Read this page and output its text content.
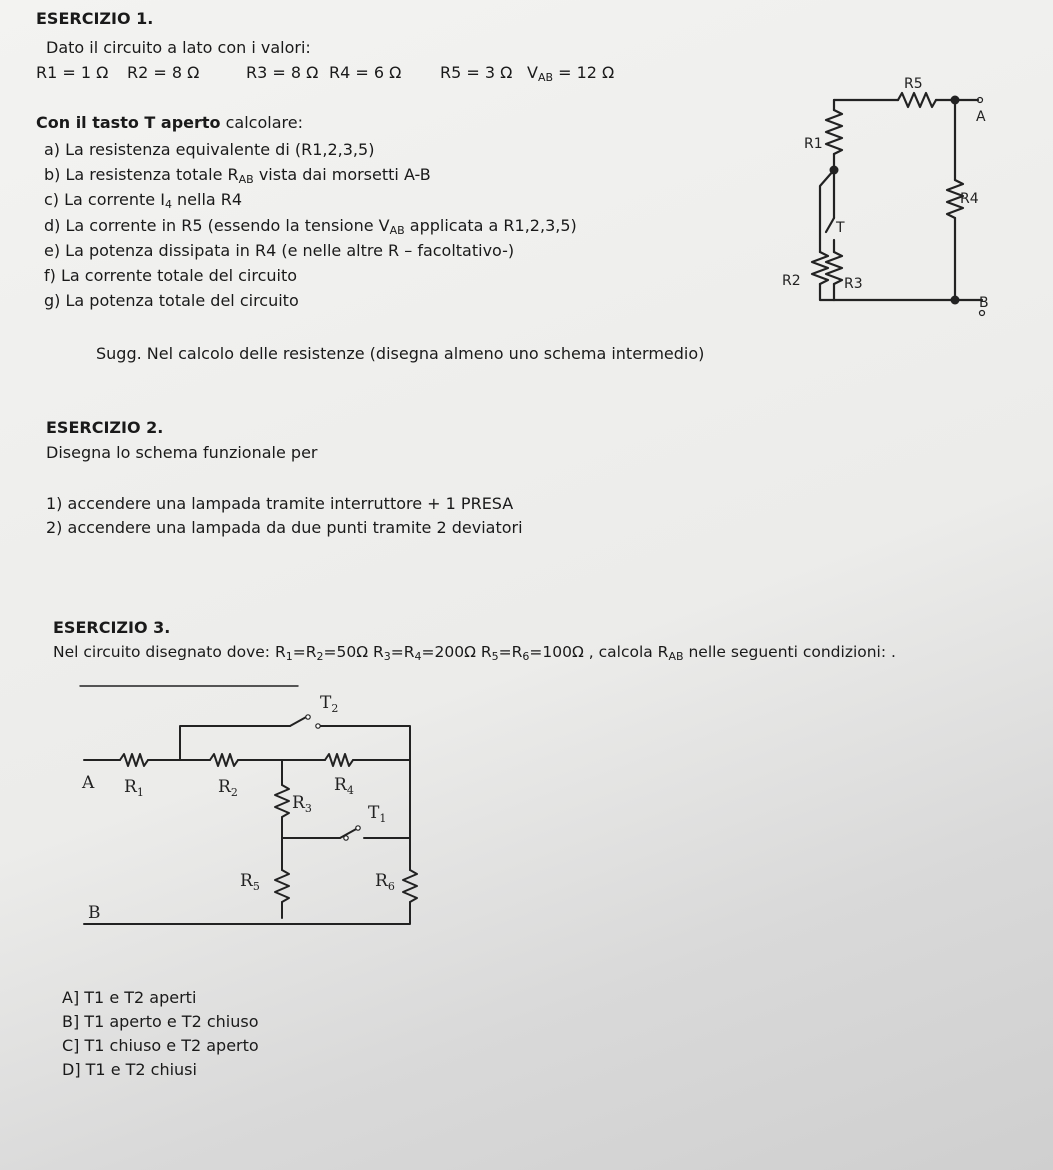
ESERCIZIO 1.
Dato il circuito a lato con i valori:
R1 = 1 Ω R2 = 8 Ω	R3 = 8 Ω R4 = 6 Ω R5 = 3 Ω $V_{AB} = 12$ Ω
Con il tasto T aperto calcolare:
a) La resistenza equivalente di (R1,2,3,5)
b) La resistenza totale $R_{AB}$ vista dai morsetti A-B
c) La corrente $I_4$ nella R4
d) La corrente in R5 (essendo la tensione $V_{AB}$ applicata a R1,2,3,5)
e) La potenza dissipata in R4 (e nelle altre R – facoltativo-)
f) La corrente totale del circuito
g) La potenza totale del circuito
Sugg. Nel calcolo delle resistenze (disegna almeno uno schema intermedio)
R5
A
R1
R4
T
R2	R3
B
ESERCIZIO 2.
Disegna lo schema funzionale per
1) accendere una lampada tramite interruttore + 1 PRESA
2) accendere una lampada da due punti tramite 2 deviatori
ESERCIZIO 3.
Nel circuito disegnato dove: $R_1=R_2=50\Omega$ $R_3=R_4=200\Omega$ $R_5=R_6=100\Omega$ , calcola $R_{AB}$ nelle seguenti condizioni: .
$T_2$
A $R_1$	$R_2$
$R_3$
$R_4$
$T_1$
$R_5$	$R_6$
B
A] T1 e T2 aperti
B] T1 aperto e T2 chiuso
C] T1 chiuso e T2 aperto
D] T1 e T2 chiusi
